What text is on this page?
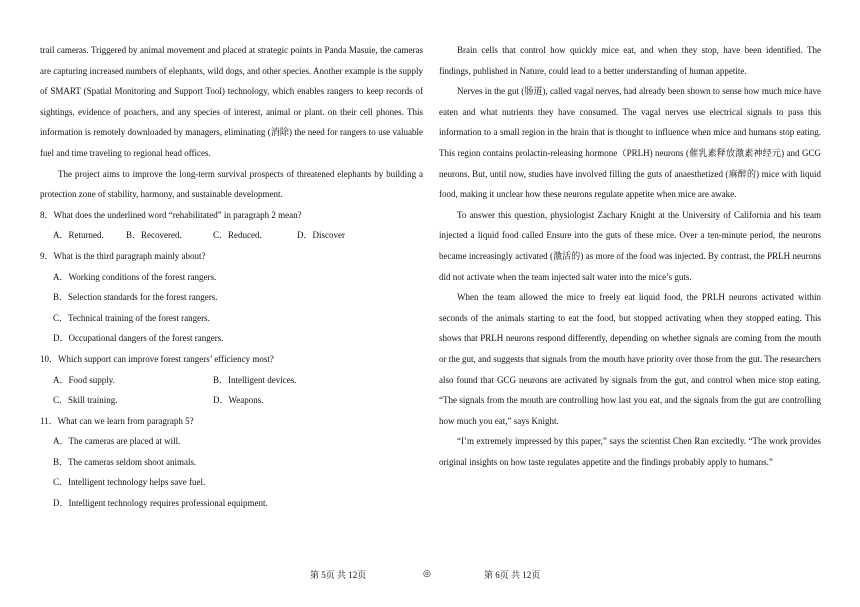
trail cameras. Triggered by animal movement and placed at strategic points in Panda Masuie, the cameras are capturing increased numbers of elephants, wild dogs, and other species. Another example is the supply of SMART (Spatial Monitoring and Support Tool) technology, which enables rangers to keep records of sightings, evidence of poachers, and any species of interest, animal or plant. on their cell phones. This information is remotely downloaded by managers, eliminating (消除) the need for rangers to use valuable fuel and time traveling to regional head offices.

The project aims to improve the long-term survival prospects of threatened elephants by building a protection zone of stability, harmony, and sustainable development.

8．What does the underlined word “rehabilitated” in paragraph 2 mean?

A．Returned.	B．Recovered.	C．Reduced.	D．Discover

9．What is the third paragraph mainly about?

A．Working conditions of the forest rangers.

B．Selection standards for the forest rangers.

C．Technical training of the forest rangers.

D．Occupational dangers of the forest rangers.

10．Which support can improve forest rangers’ efficiency most?

A．Food supply.	B．Intelligent devices.

C．Skill training.	D．Weapons.

11．What can we learn from paragraph 5?

A．The cameras are placed at will.

B．The cameras seldom shoot animals.

C．Intelligent technology helps save fuel.

D．Intelligent technology requires professional equipment.

Brain cells that control how quickly mice eat, and when they stop, have been identified. The findings, published in Nature, could lead to a better understanding of human appetite.

Nerves in the gut (肠道), called vagal nerves, had already been shown to sense how much mice have eaten and what nutrients they have consumed. The vagal nerves use electrical signals to pass this information to a small region in the brain that is thought to influence when mice and humans stop eating. This region contains prolactin-releasing hormone（PRLH) neurons (催乳素释放激素神经元) and GCG neurons. But, until now, studies have involved filling the guts of anaesthetized (麻醉的) mice with liquid food, making it unclear how these neurons regulate appetite when mice are awake.

To answer this question, physiologist Zachary Knight at the University of California and his team injected a liquid food called Ensure into the guts of these mice. Over a ten-minute period, the neurons became increasingly activated (激活的) as more of the food was injected. By contrast, the PRLH neurons did not activate when the team injected salt water into the mice’s guts.

When the team allowed the mice to freely eat liquid food, the PRLH neurons activated within seconds of the animals starting to eat the food, but stopped activating when they stopped eating. This shows that PRLH neurons respond differently, depending on whether signals are coming from the mouth or the gut, and suggests that signals from the mouth have priority over those from the gut. The researchers also found that GCG neurons are activated by signals from the gut, and control when mice stop eating. “The signals from the mouth are controlling how last you eat, and the signals from the gut are controlling how much you eat,” says Knight.

“I’m extremely impressed by this paper,” says the scientist Chen Ran excitedly. “The work provides original insights on how taste regulates appetite and the findings probably apply to humans.”

第 5页 共 12页	◎	第 6页 共 12页
